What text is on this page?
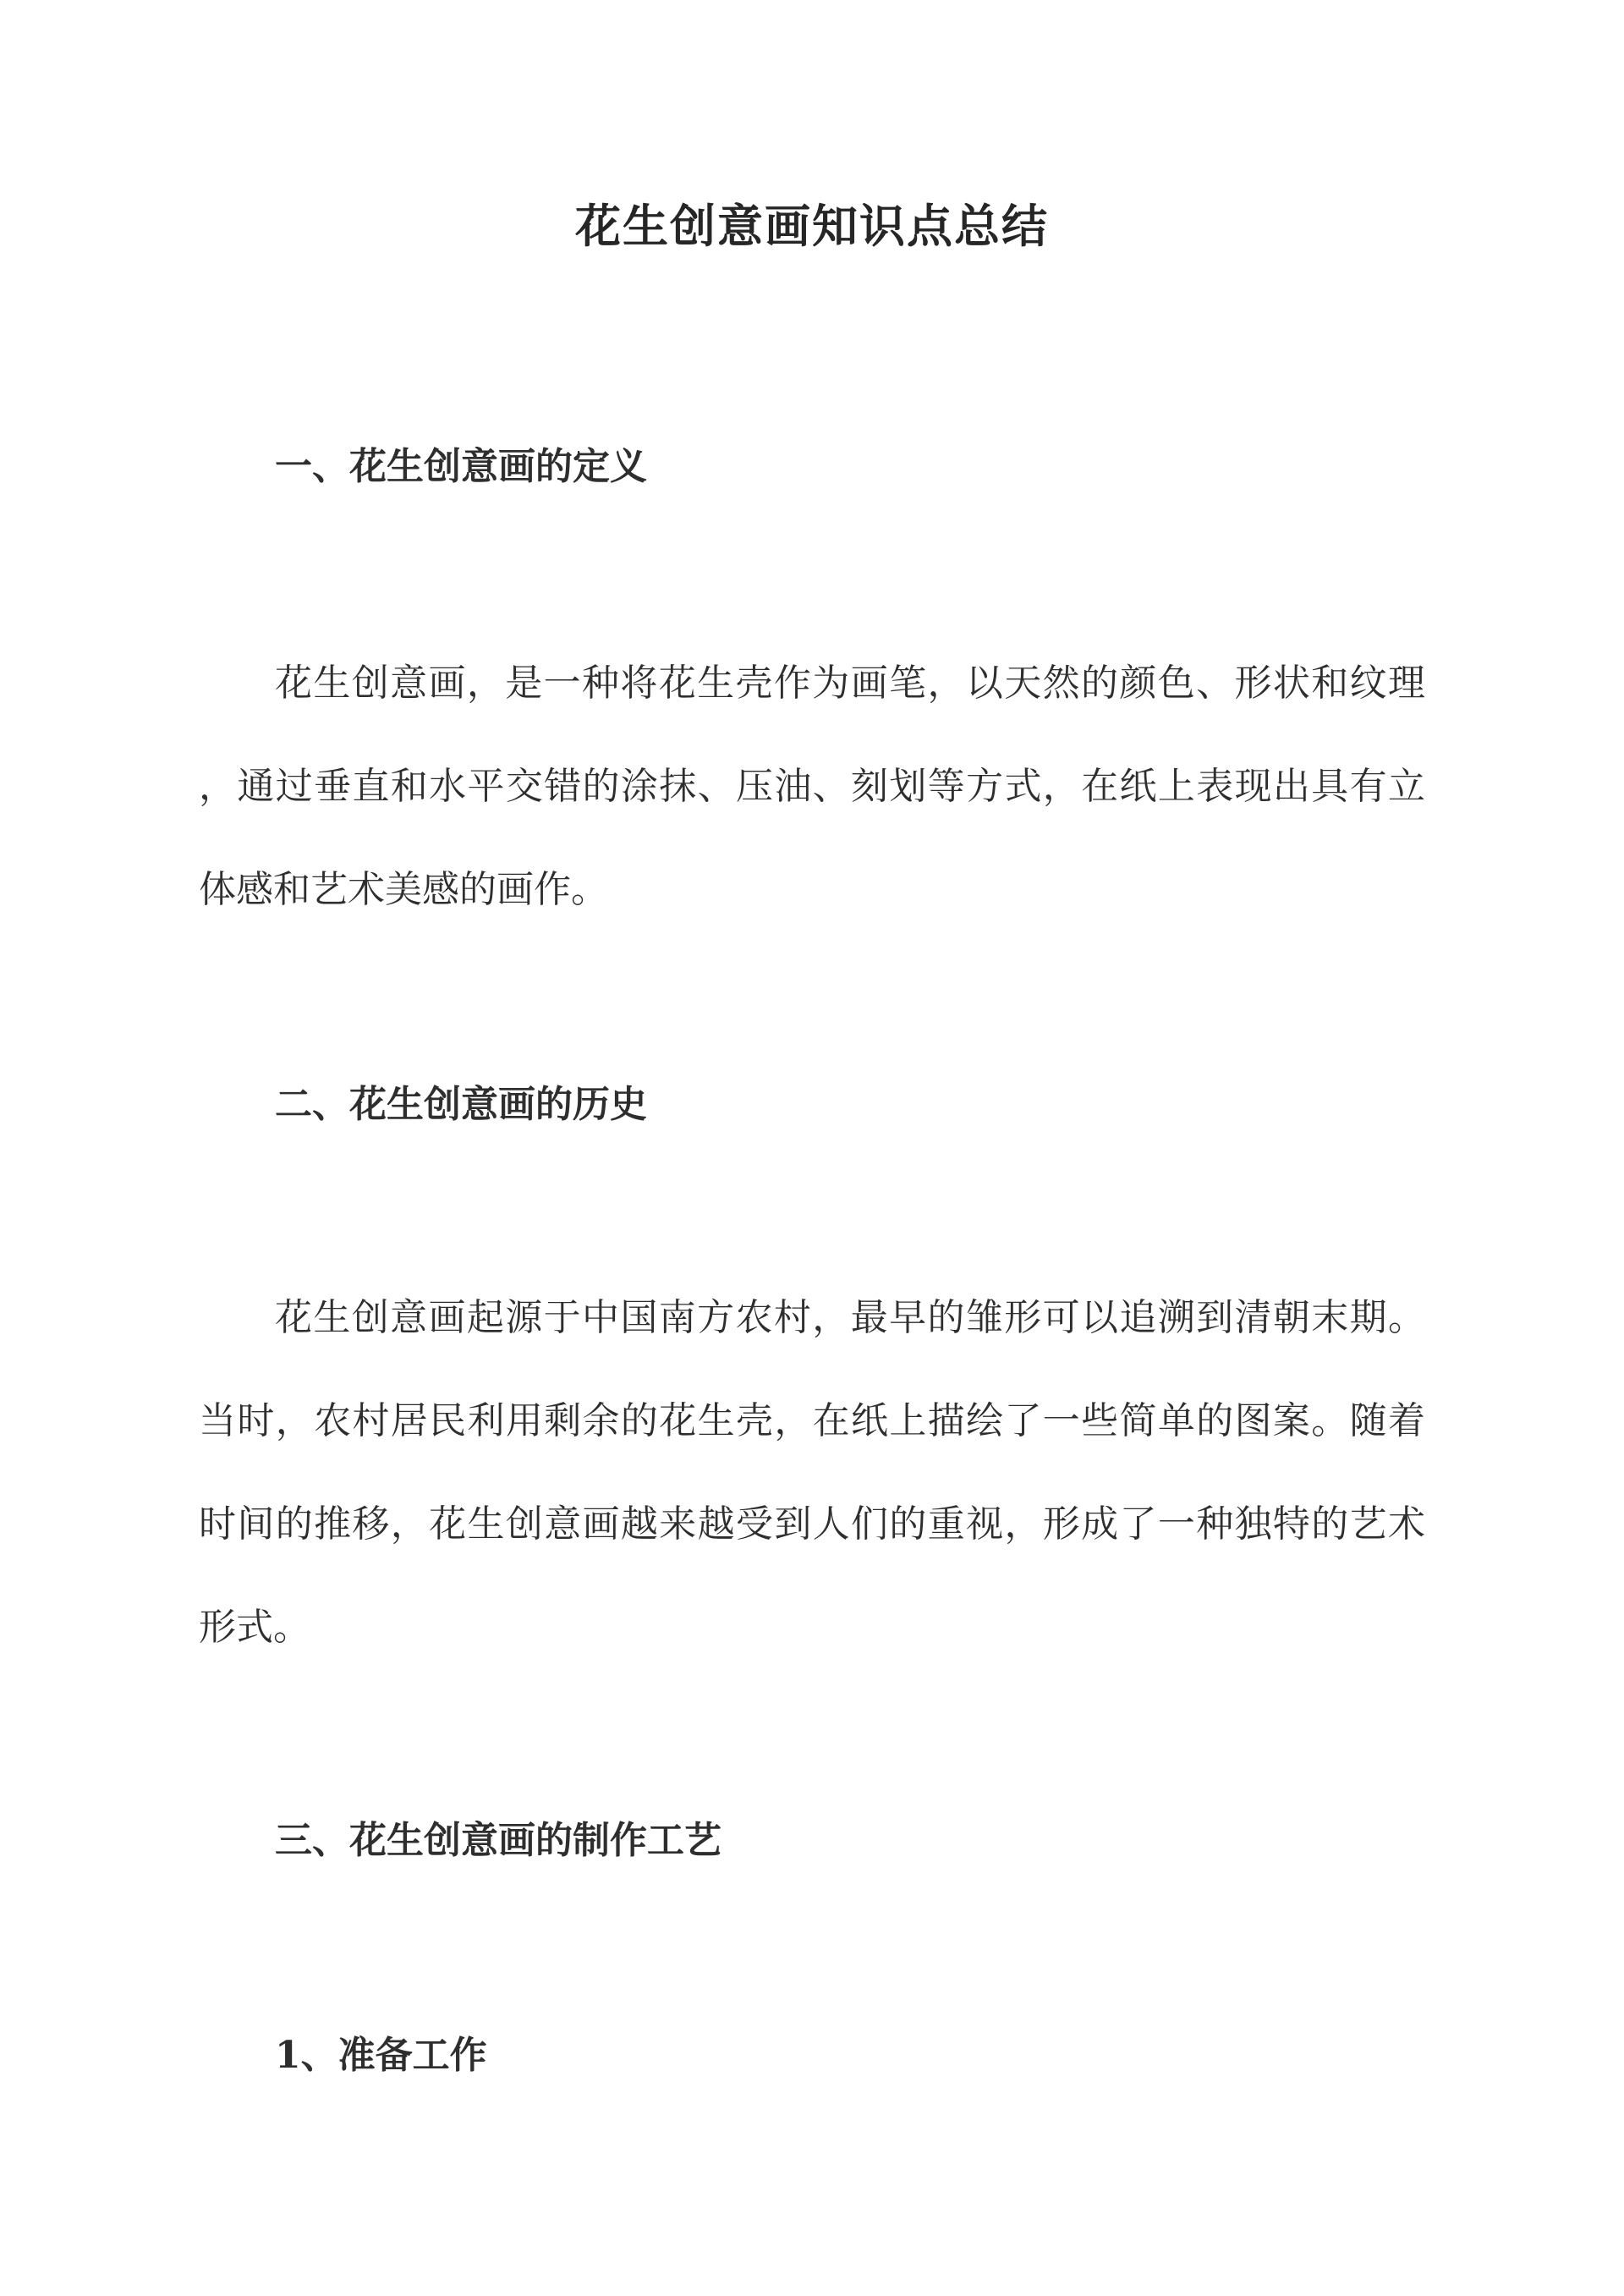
花生创意画知识点总结
一、花生创意画的定义
花生创意画，是一种将花生壳作为画笔，以天然的颜色、形状和纹理
，通过垂直和水平交错的涂抹、压油、刻划等方式，在纸上表现出具有立
体感和艺术美感的画作。
二、花生创意画的历史
花生创意画起源于中国南方农村，最早的雏形可以追溯到清朝末期。
当时，农村居民利用剩余的花生壳，在纸上描绘了一些简单的图案。随着
时间的推移，花生创意画越来越受到人们的重视，形成了一种独特的艺术
形式。
三、花生创意画的制作工艺
1、准备工作
